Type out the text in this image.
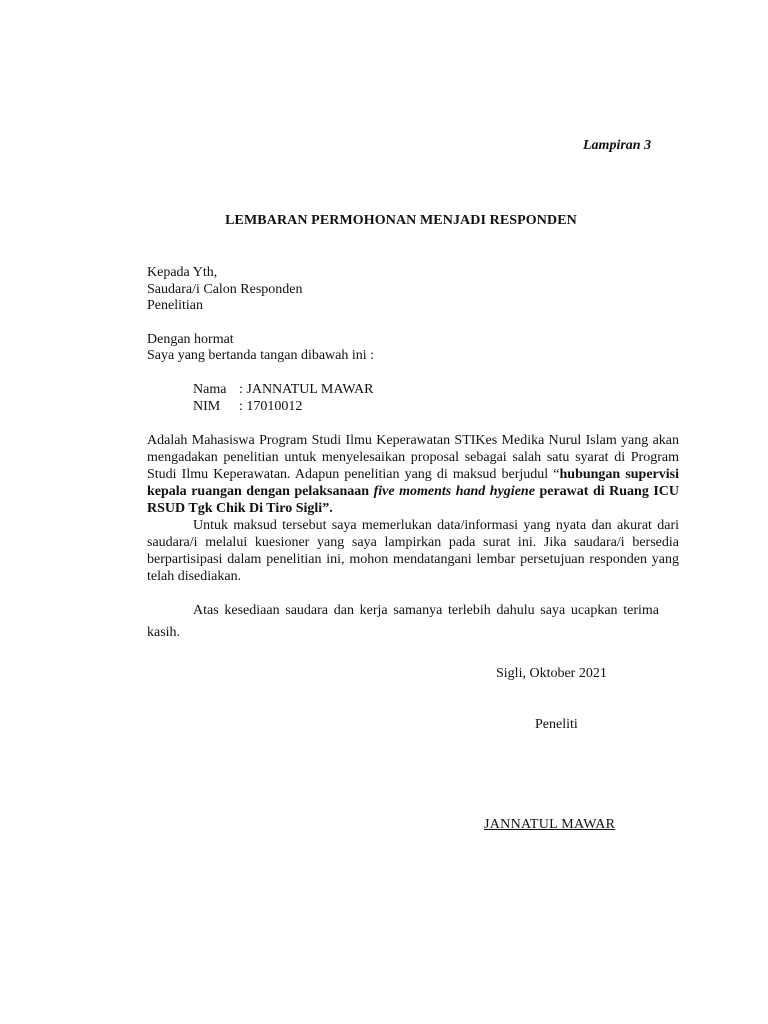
Lampiran 3
LEMBARAN PERMOHONAN MENJADI RESPONDEN
Kepada Yth,
Saudara/i Calon Responden
Penelitian
Dengan hormat
Saya yang bertanda tangan dibawah ini :
Nama : JANNATUL MAWAR
NIM : 17010012

Adalah Mahasiswa Program Studi Ilmu Keperawatan STIKes Medika Nurul Islam yang akan mengadakan penelitian untuk menyelesaikan proposal sebagai salah satu syarat di Program Studi Ilmu Keperawatan. Adapun penelitian yang di maksud berjudul “hubungan supervisi kepala ruangan dengan pelaksanaan five moments hand hygiene perawat di Ruang ICU RSUD Tgk Chik Di Tiro Sigli”.

Untuk maksud tersebut saya memerlukan data/informasi yang nyata dan akurat dari saudara/i melalui kuesioner yang saya lampirkan pada surat ini. Jika saudara/i bersedia berpartisipasi dalam penelitian ini, mohon mendatangani lembar persetujuan responden yang telah disediakan.

Atas kesediaan saudara dan kerja samanya terlebih dahulu saya ucapkan terima kasih.

Sigli, Oktober 2021
Peneliti
JANNATUL MAWAR
